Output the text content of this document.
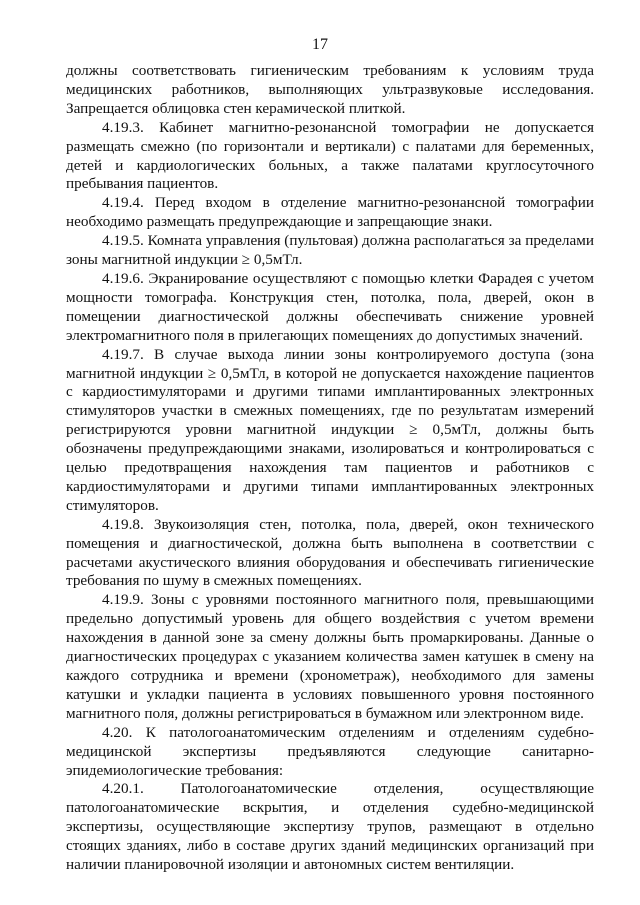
17

должны соответствовать гигиеническим требованиям к условиям труда медицинских работников, выполняющих ультразвуковые исследования. Запрещается облицовка стен керамической плиткой.

4.19.3. Кабинет магнитно-резонансной томографии не допускается размещать смежно (по горизонтали и вертикали) с палатами для беременных, детей и кардиологических больных, а также палатами круглосуточного пребывания пациентов.

4.19.4. Перед входом в отделение магнитно-резонансной томографии необходимо размещать предупреждающие и запрещающие знаки.

4.19.5. Комната управления (пультовая) должна располагаться за пределами зоны магнитной индукции ≥ 0,5мТл.

4.19.6. Экранирование осуществляют с помощью клетки Фарадея с учетом мощности томографа. Конструкция стен, потолка, пола, дверей, окон в помещении диагностической должны обеспечивать снижение уровней электромагнитного поля в прилегающих помещениях до допустимых значений.

4.19.7. В случае выхода линии зоны контролируемого доступа (зона магнитной индукции ≥ 0,5мТл, в которой не допускается нахождение пациентов с кардиостимуляторами и другими типами имплантированных электронных стимуляторов участки в смежных помещениях, где по результатам измерений регистрируются уровни магнитной индукции ≥ 0,5мТл, должны быть обозначены предупреждающими знаками, изолироваться и контролироваться с целью предотвращения нахождения там пациентов и работников с кардиостимуляторами и другими типами имплантированных электронных стимуляторов.

4.19.8. Звукоизоляция стен, потолка, пола, дверей, окон технического помещения и диагностической, должна быть выполнена в соответствии с расчетами акустического влияния оборудования и обеспечивать гигиенические требования по шуму в смежных помещениях.

4.19.9. Зоны с уровнями постоянного магнитного поля, превышающими предельно допустимый уровень для общего воздействия с учетом времени нахождения в данной зоне за смену должны быть промаркированы. Данные о диагностических процедурах с указанием количества замен катушек в смену на каждого сотрудника и времени (хронометраж), необходимого для замены катушки и укладки пациента в условиях повышенного уровня постоянного магнитного поля, должны регистрироваться в бумажном или электронном виде.

4.20. К патологоанатомическим отделениям и отделениям судебно-медицинской экспертизы предъявляются следующие санитарно-эпидемиологические требования:

4.20.1. Патологоанатомические отделения, осуществляющие патологоанатомические вскрытия, и отделения судебно-медицинской экспертизы, осуществляющие экспертизу трупов, размещают в отдельно стоящих зданиях, либо в составе других зданий медицинских организаций при наличии планировочной изоляции и автономных систем вентиляции.
